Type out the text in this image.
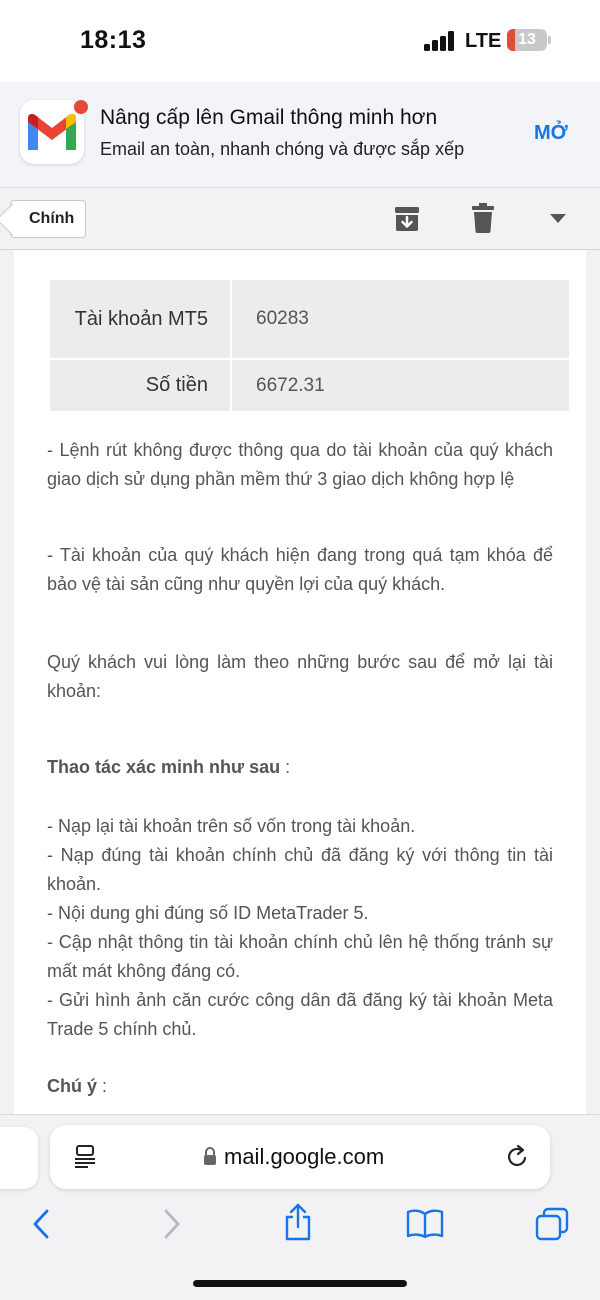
18:13	LTE	13
Nâng cấp lên Gmail thông minh hơn
Email an toàn, nhanh chóng và được sắp xếp
MỞ
Chính
Tài khoản MT5	60283
Số tiền	6672.31
- Lệnh rút không được thông qua do tài khoản của quý khách giao dịch sử dụng phần mềm thứ 3 giao dịch không hợp lệ
- Tài khoản của quý khách hiện đang trong quá tạm khóa để bảo vệ tài sản cũng như quyền lợi của quý khách.
Quý khách vui lòng làm theo những bước sau để mở lại tài khoản:
Thao tác xác minh như sau :
- Nạp lại tài khoản trên số vốn trong tài khoản.
- Nạp đúng tài khoản chính chủ đã đăng ký với thông tin tài khoản.
- Nội dung ghi đúng số ID MetaTrader 5.
- Cập nhật thông tin tài khoản chính chủ lên hệ thống tránh sự mất mát không đáng có.
- Gửi hình ảnh căn cước công dân đã đăng ký tài khoản Meta Trade 5 chính chủ.
Chú ý :
mail.google.com
